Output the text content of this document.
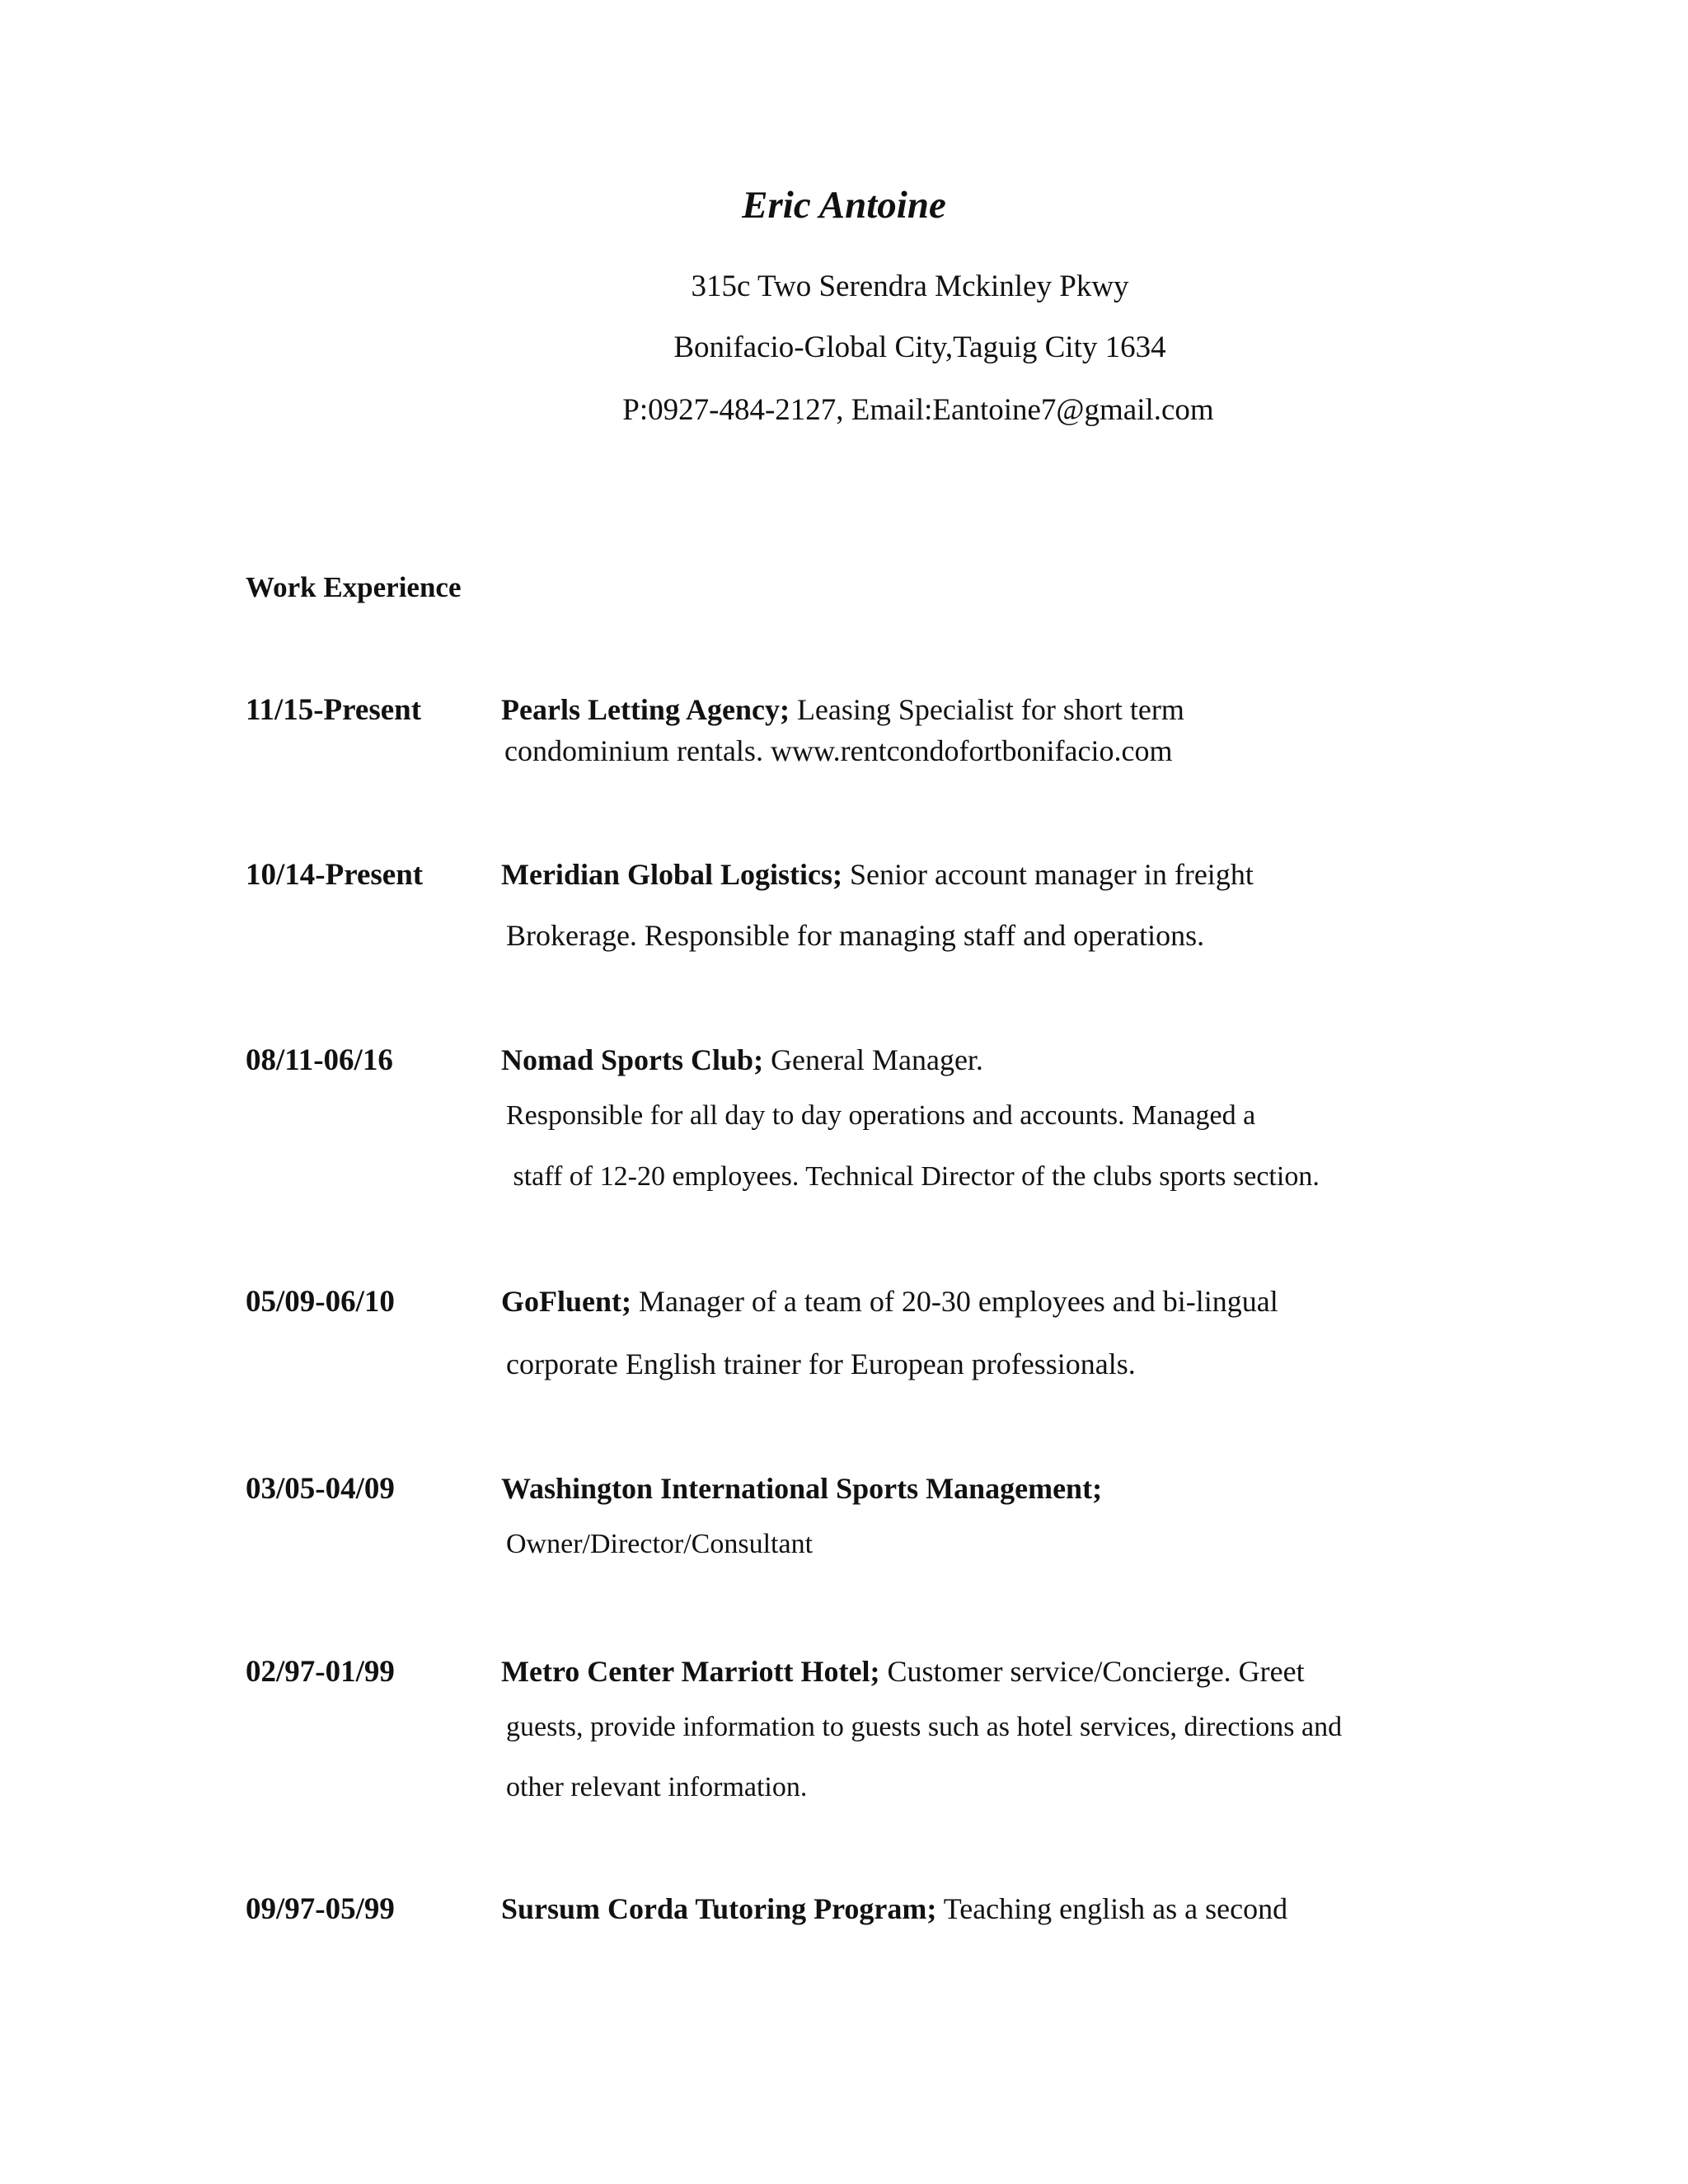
Eric Antoine
315c Two Serendra Mckinley Pkwy
Bonifacio-Global City,Taguig City 1634
P:0927-484-2127, Email:Eantoine7@gmail.com
Work Experience
11/15-Present	Pearls Letting Agency; Leasing Specialist for short term
condominium rentals. www.rentcondofortbonifacio.com
10/14-Present	Meridian Global Logistics; Senior account manager in freight
Brokerage. Responsible for managing staff and operations.
08/11-06/16	Nomad Sports Club; General Manager.
Responsible for all day to day operations and accounts. Managed a
staff of 12-20 employees. Technical Director of the clubs sports section.
05/09-06/10	GoFluent; Manager of a team of 20-30 employees and bi-lingual
corporate English trainer for European professionals.
03/05-04/09	Washington International Sports Management;
Owner/Director/Consultant
02/97-01/99	Metro Center Marriott Hotel; Customer service/Concierge. Greet
guests, provide information to guests such as hotel services, directions and
other relevant information.
09/97-05/99	Sursum Corda Tutoring Program; Teaching english as a second
